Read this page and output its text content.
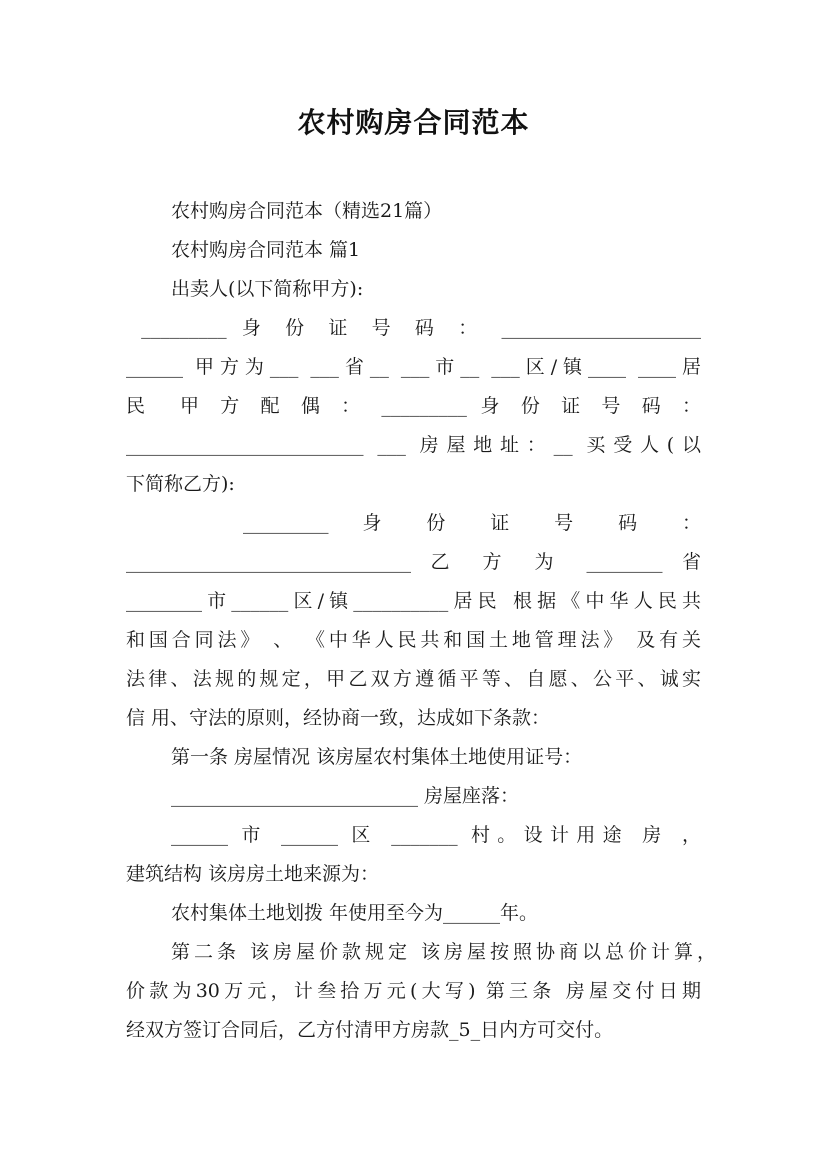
农村购房合同范本
农村购房合同范本（精选21篇）
农村购房合同范本 篇1
出卖人(以下简称甲方):
_________ 身 份 证 号 码 ： _____________________
______ 甲方为___ ___省__ ___市__ ___区/镇____ ____居
民  甲 方 配 偶 ： _________ 身 份 证 号 码 ：
_________________________ ___ 房屋地址：__ 买受人(以
下简称乙方):
_________  身  份  证  号  码  ：
______________________________ 乙 方 为 ________ 省
________市______区/镇__________居民 根据《中华人民共
和国合同法》 、 《中华人民共和国土地管理法》 及有关
法律、法规的规定，甲乙双方遵循平等、自愿、公平、诚实
信 用、守法的原则，经协商一致，达成如下条款：
第一条 房屋情况 该房屋农村集体土地使用证号：
__________________________ 房屋座落：
______ 市 ______ 区 _______ 村。设计用途 房 ，
建筑结构 该房房土地来源为：
农村集体土地划拨 年使用至今为______年。
第二条 该房屋价款规定 该房屋按照协商以总价计算，
价款为30万元，计叁拾万元(大写) 第三条 房屋交付日期
经双方签订合同后，乙方付清甲方房款_5_日内方可交付。
